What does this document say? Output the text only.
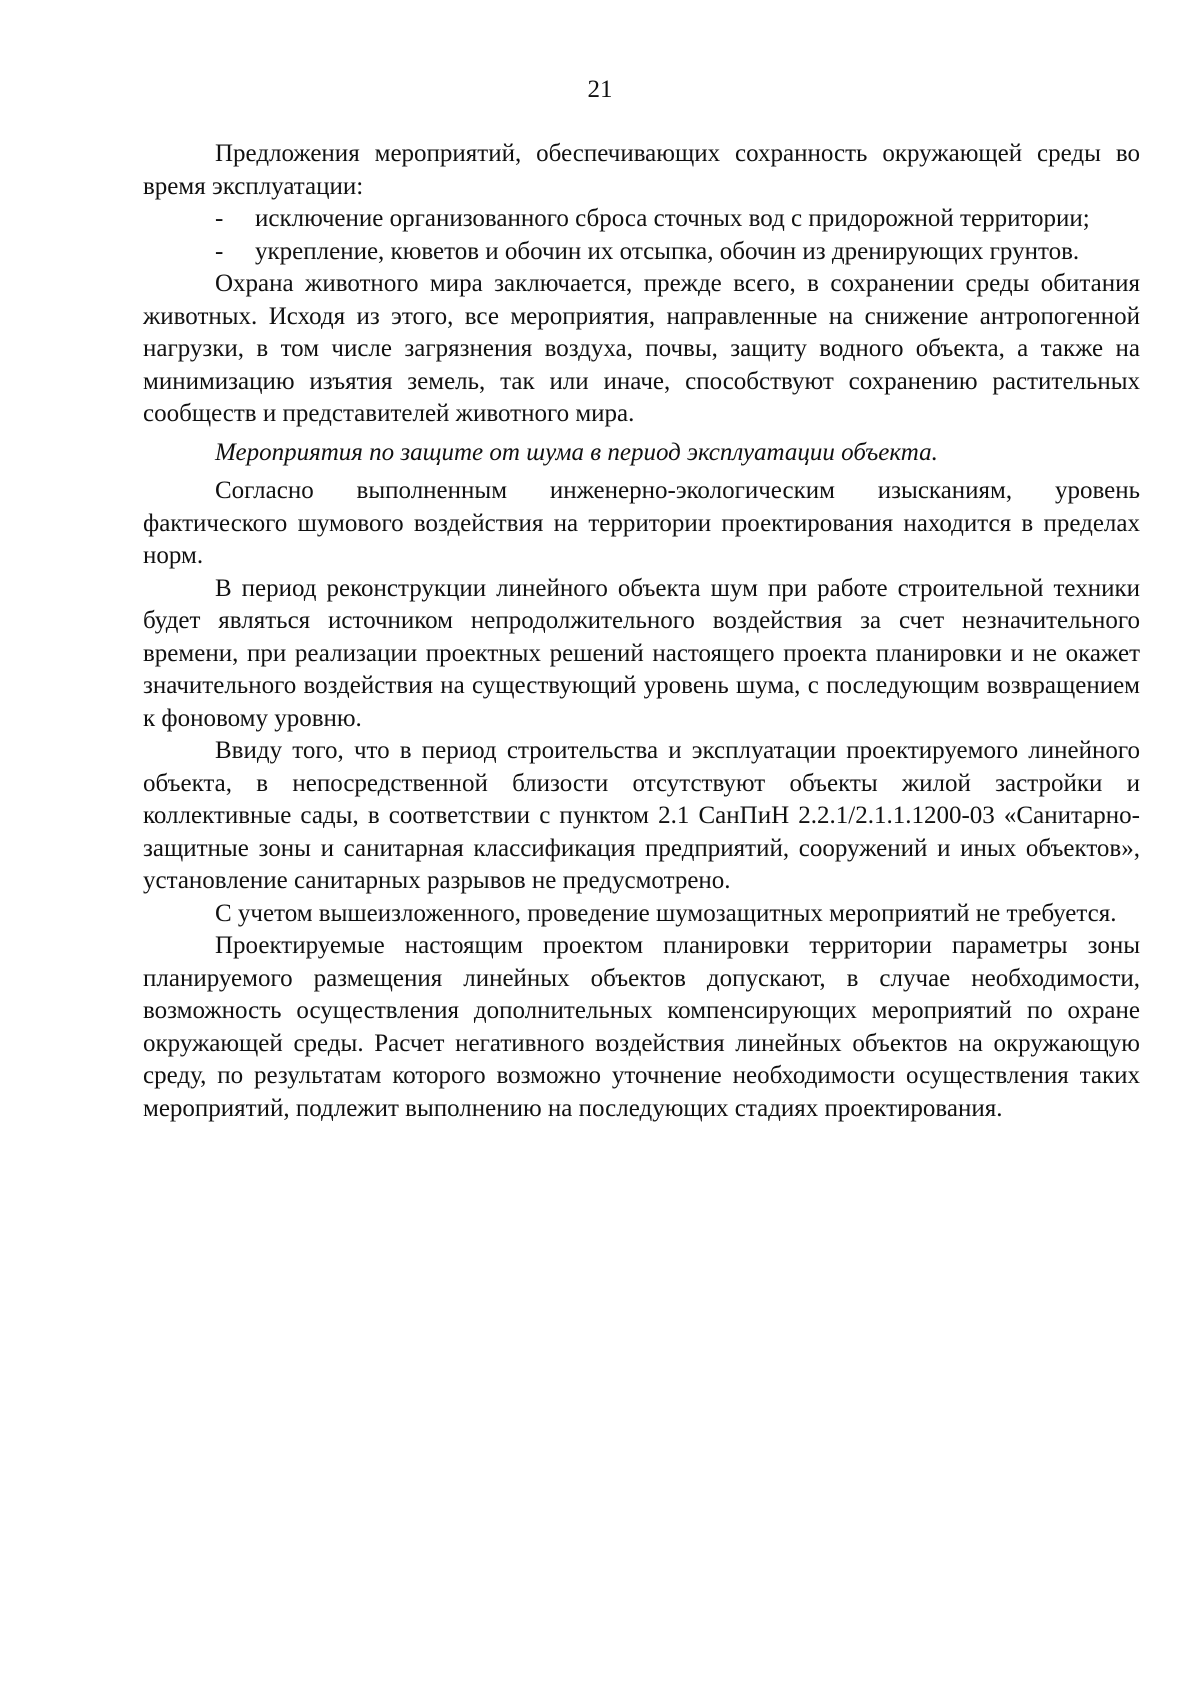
21

Предложения мероприятий, обеспечивающих сохранность окружающей среды во время эксплуатации:

- исключение организованного сброса сточных вод с придорожной территории;

- укрепление, кюветов и обочин их отсыпка, обочин из дренирующих грунтов.

Охрана животного мира заключается, прежде всего, в сохранении среды обитания животных. Исходя из этого, все мероприятия, направленные на снижение антропогенной нагрузки, в том числе загрязнения воздуха, почвы, защиту водного объекта, а также на минимизацию изъятия земель, так или иначе, способствуют сохранению растительных сообществ и представителей животного мира.

Мероприятия по защите от шума в период эксплуатации объекта.

Согласно выполненным инженерно-экологическим изысканиям, уровень фактического шумового воздействия на территории проектирования находится в пределах норм.

В период реконструкции линейного объекта шум при работе строительной техники будет являться источником непродолжительного воздействия за счет незначительного времени, при реализации проектных решений настоящего проекта планировки и не окажет значительного воздействия на существующий уровень шума, с последующим возвращением к фоновому уровню.

Ввиду того, что в период строительства и эксплуатации проектируемого линейного объекта, в непосредственной близости отсутствуют объекты жилой застройки и коллективные сады, в соответствии с пунктом 2.1 СанПиН 2.2.1/2.1.1.1200-03 «Санитарно-защитные зоны и санитарная классификация предприятий, сооружений и иных объектов», установление санитарных разрывов не предусмотрено.

С учетом вышеизложенного, проведение шумозащитных мероприятий не требуется.

Проектируемые настоящим проектом планировки территории параметры зоны планируемого размещения линейных объектов допускают, в случае необходимости, возможность осуществления дополнительных компенсирующих мероприятий по охране окружающей среды. Расчет негативного воздействия линейных объектов на окружающую среду, по результатам которого возможно уточнение необходимости осуществления таких мероприятий, подлежит выполнению на последующих стадиях проектирования.
